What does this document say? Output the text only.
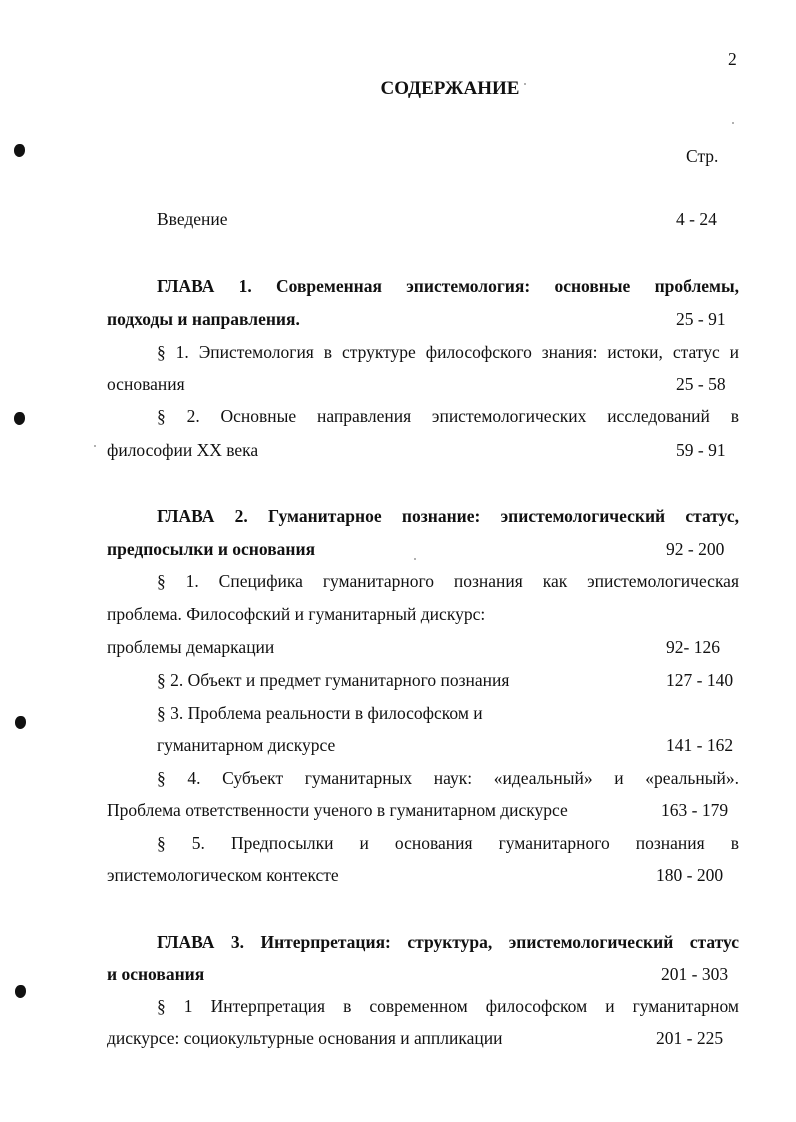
2
СОДЕРЖАНИЕ
Стр.
Введение	4 - 24
ГЛАВА 1. Современная эпистемология: основные проблемы,
подходы и направления.	25 - 91
§ 1. Эпистемология в структуре философского знания: истоки, статус и
основания	25 - 58
§ 2. Основные направления эпистемологических исследований в
философии XX века	59 - 91
ГЛАВА 2. Гуманитарное познание: эпистемологический статус,
предпосылки и основания	92 - 200
§ 1. Специфика гуманитарного познания как эпистемологическая
проблема. Философский и гуманитарный дискурс:
проблемы демаркации	92- 126
§ 2. Объект и предмет гуманитарного познания	127 - 140
§ 3. Проблема реальности в философском и
гуманитарном дискурсе	141 - 162
§ 4. Субъект гуманитарных наук: «идеальный» и «реальный».
Проблема ответственности ученого в гуманитарном дискурсе	163 - 179
§ 5. Предпосылки и основания гуманитарного познания в
эпистемологическом контексте	180 - 200
ГЛАВА 3. Интерпретация: структура, эпистемологический статус
и основания	201 - 303
§ 1 Интерпретация в современном философском и гуманитарном
дискурсе: социокультурные основания и аппликации	201 - 225
